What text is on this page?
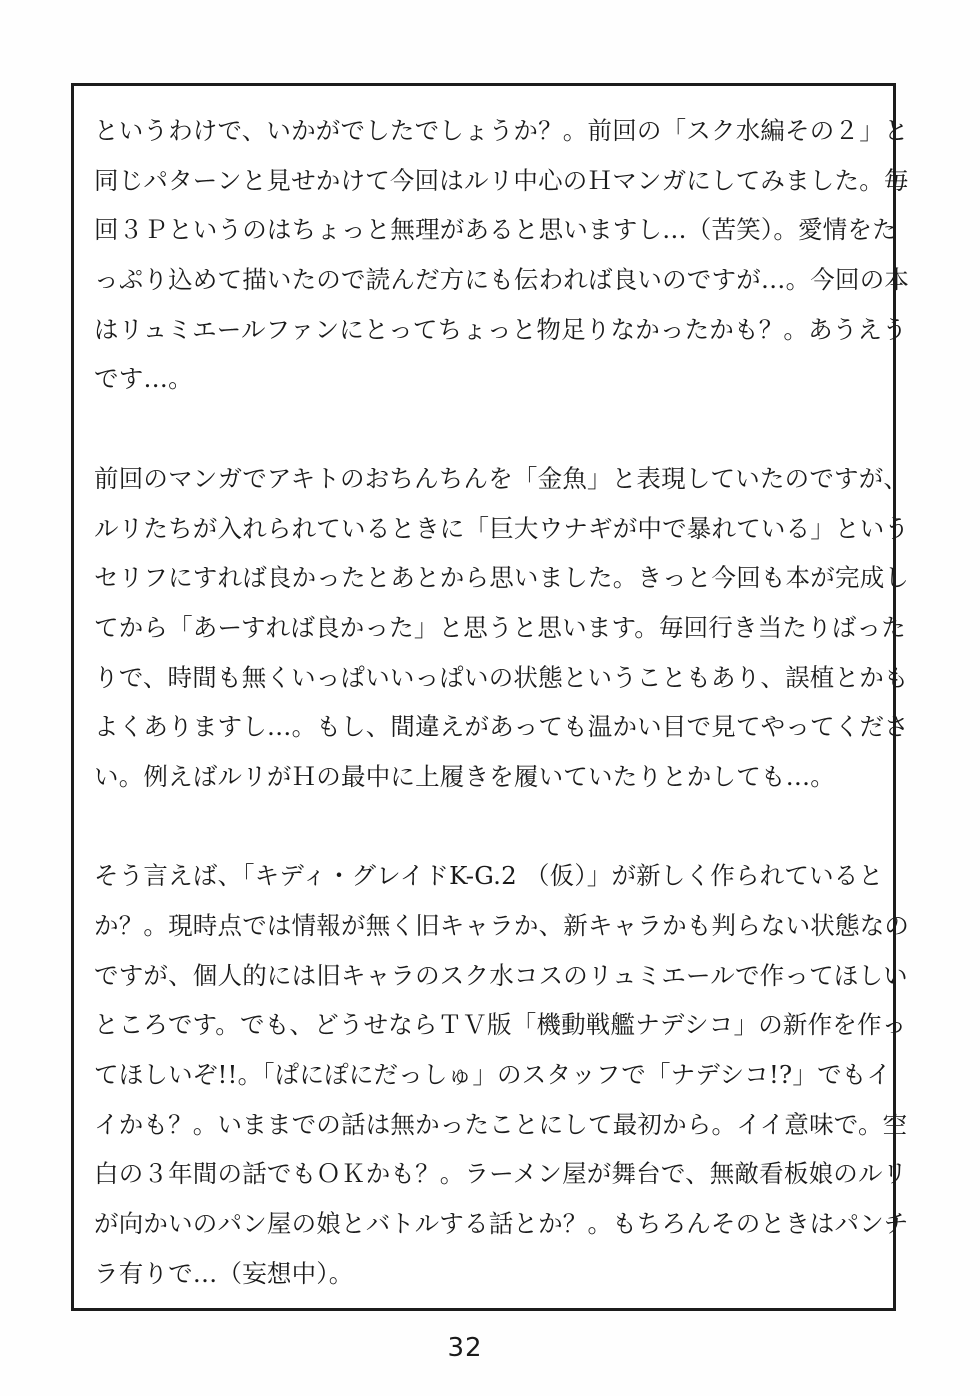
というわけで、いかがでしたでしょうか？。前回の「スク水編その２」と
同じパターンと見せかけて今回はルリ中心のＨマンガにしてみました。毎
回３Ｐというのはちょっと無理があると思いますし…（苦笑）。愛情をた
っぷり込めて描いたので読んだ方にも伝われば良いのですが…。今回の本
はリュミエールファンにとってちょっと物足りなかったかも？。あうえう
です…。
前回のマンガでアキトのおちんちんを「金魚」と表現していたのですが、
ルリたちが入れられているときに「巨大ウナギが中で暴れている」という
セリフにすれば良かったとあとから思いました。きっと今回も本が完成し
てから「あーすれば良かった」と思うと思います。毎回行き当たりばった
りで、時間も無くいっぱいいっぱいの状態ということもあり、誤植とかも
よくありますし…。もし、間違えがあっても温かい目で見てやってくださ
い。例えばルリがＨの最中に上履きを履いていたりとかしても…。
そう言えば、「キディ・グレイドK-G.2 （仮）」が新しく作られていると
か？。現時点では情報が無く旧キャラか、新キャラかも判らない状態なの
ですが、個人的には旧キャラのスク水コスのリュミエールで作ってほしい
ところです。でも、どうせならＴＶ版「機動戦艦ナデシコ」の新作を作っ
てほしいぞ!!。「ぱにぽにだっしゅ」のスタッフで「ナデシコ!?」でもイ
イかも？。いままでの話は無かったことにして最初から。イイ意味で。空
白の３年間の話でもＯＫかも？。ラーメン屋が舞台で、無敵看板娘のルリ
が向かいのパン屋の娘とバトルする話とか？。もちろんそのときはパンチ
ラ有りで…（妄想中）。
32
